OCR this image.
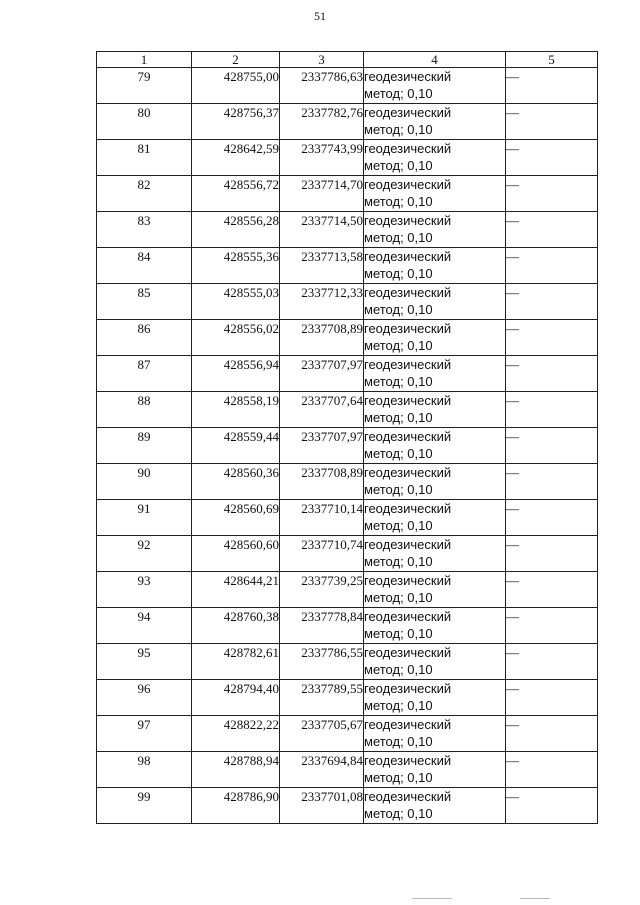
51
1	2	3	4	5
79	428755,00	2337786,63	геодезический
метод; 0,10	—
80	428756,37	2337782,76	геодезический
метод; 0,10	—
81	428642,59	2337743,99	геодезический
метод; 0,10	—
82	428556,72	2337714,70	геодезический
метод; 0,10	—
83	428556,28	2337714,50	геодезический
метод; 0,10	—
84	428555,36	2337713,58	геодезический
метод; 0,10	—
85	428555,03	2337712,33	геодезический
метод; 0,10	—
86	428556,02	2337708,89	геодезический
метод; 0,10	—
87	428556,94	2337707,97	геодезический
метод; 0,10	—
88	428558,19	2337707,64	геодезический
метод; 0,10	—
89	428559,44	2337707,97	геодезический
метод; 0,10	—
90	428560,36	2337708,89	геодезический
метод; 0,10	—
91	428560,69	2337710,14	геодезический
метод; 0,10	—
92	428560,60	2337710,74	геодезический
метод; 0,10	—
93	428644,21	2337739,25	геодезический
метод; 0,10	—
94	428760,38	2337778,84	геодезический
метод; 0,10	—
95	428782,61	2337786,55	геодезический
метод; 0,10	—
96	428794,40	2337789,55	геодезический
метод; 0,10	—
97	428822,22	2337705,67	геодезический
метод; 0,10	—
98	428788,94	2337694,84	геодезический
метод; 0,10	—
99	428786,90	2337701,08	геодезический
метод; 0,10	—
